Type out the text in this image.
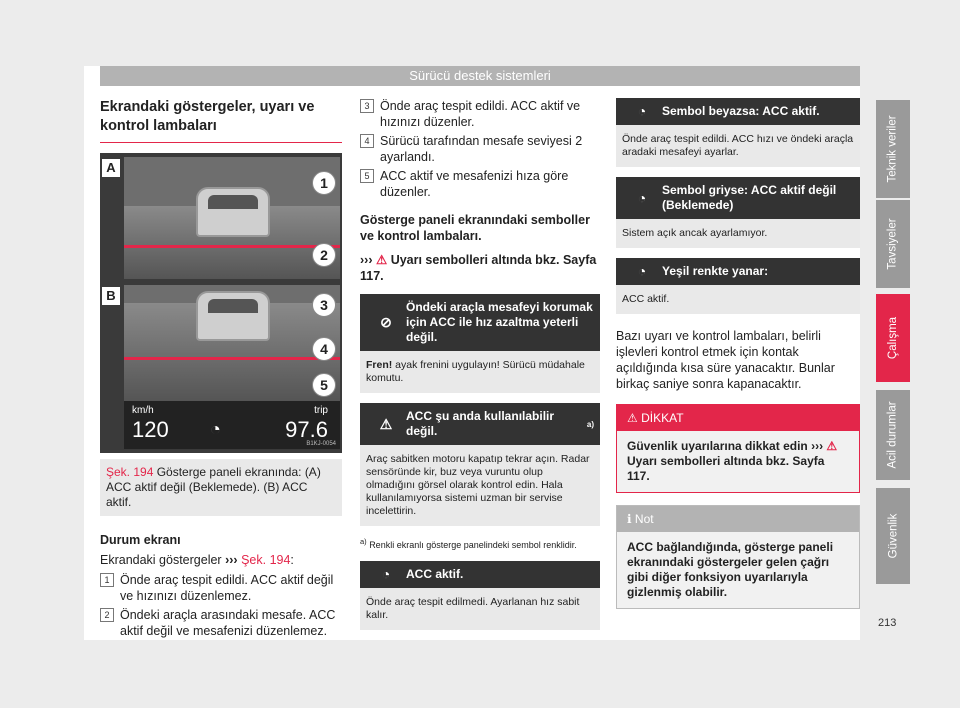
Sürücü destek sistemleri
Teknik veriler
Tavsiyeler
Çalışma
Acil durumlar
Güvenlik
213
Ekrandaki göstergeler, uyarı ve kontrol lambaları
A
1
2
B
3
4
5
km/h
120 ◔
trip
97.6
B1KJ-0054
Şek. 194 Gösterge paneli ekranında: (A) ACC aktif değil (Beklemede). (B) ACC aktif.
Durum ekranı

Ekrandaki göstergeler ››› Şek. 194:

1 Önde araç tespit edildi. ACC aktif değil ve hızınızı düzenlemez.
2 Öndeki araçla arasındaki mesafe. ACC aktif değil ve mesafenizi düzenlemez.
3 Önde araç tespit edildi. ACC aktif ve hızınızı düzenler.
4 Sürücü tarafından mesafe seviyesi 2 ayarlandı.
5 ACC aktif ve mesafenizi hıza göre düzenler.
Gösterge paneli ekranındaki semboller ve kontrol lambaları.

››› ⚠ Uyarı sembolleri altında bkz. Sayfa 117.

⊘
Öndeki araçla mesafeyi korumak için ACC ile hız azaltma yeterli değil.
Fren! ayak frenini uygulayın! Sürücü müdahale komutu.
⚠	ACC şu anda kullanılabilir değil.	a)
Araç sabitken motoru kapatıp tekrar açın. Radar sensöründe kir, buz veya vuruntu olup olmadığını görsel olarak kontrol edin. Hala kullanılamıyorsa sistemi uzman bir servise incelettirin.
$^{a)}$ Renkli ekranlı gösterge panelindeki sembol renklidir.
◔	ACC aktif.
Önde araç tespit edilmedi. Ayarlanan hız sabit kalır.
◔	Sembol beyazsa: ACC aktif.
Önde araç tespit edildi. ACC hızı ve öndeki araçla aradaki mesafeyi ayarlar.
◔	Sembol griyse: ACC aktif değil (Beklemede)
Sistem açık ancak ayarlamıyor.
◔	Yeşil renkte yanar:
ACC aktif.

Bazı uyarı ve kontrol lambaları, belirli işlevleri kontrol etmek için kontak açıldığında kısa süre yanacaktır. Bunlar birkaç saniye sonra kapanacaktır.

⚠ DİKKAT
Güvenlik uyarılarına dikkat edin ››› ⚠
Uyarı sembolleri altında bkz. Sayfa 117.
ℹ Not
ACC bağlandığında, gösterge paneli ekranındaki göstergeler gelen çağrı gibi diğer fonksiyon uyarılarıyla gizlenmiş olabilir.
